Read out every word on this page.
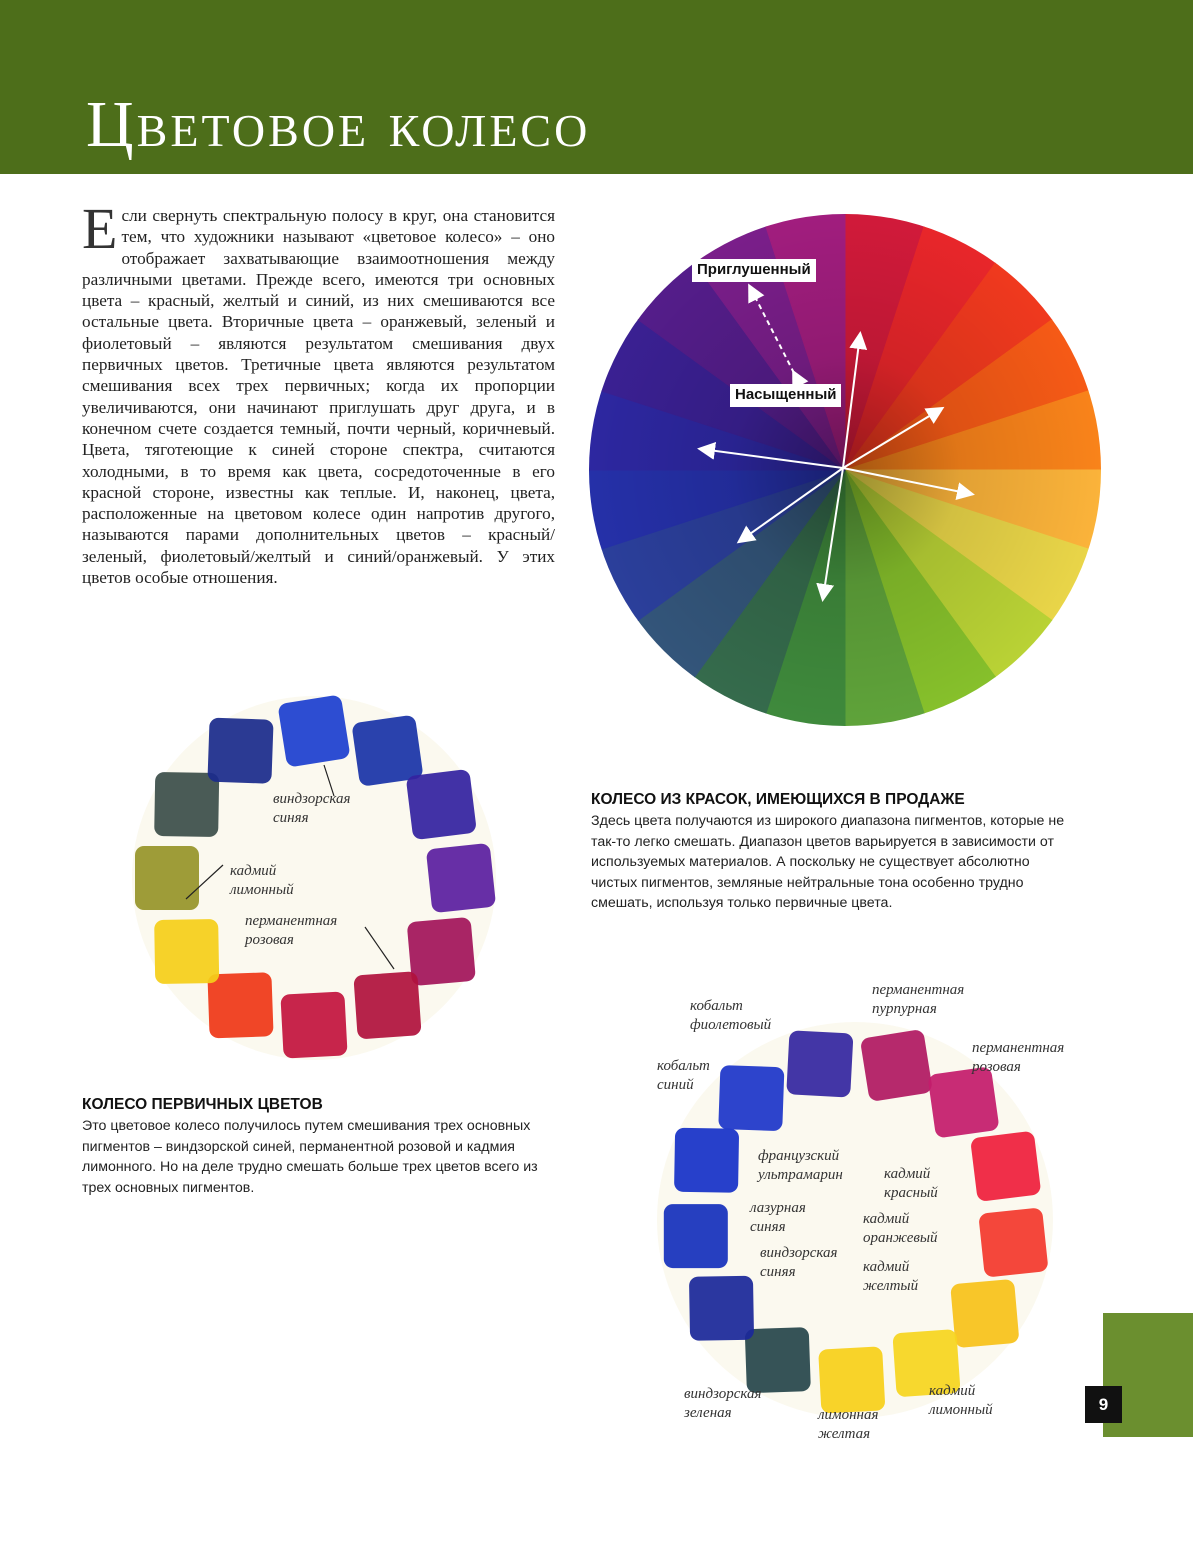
Цветовое колесо

Если свернуть спектральную полосу в круг, она становится тем, что художники называют «цветовое колесо» – оно отображает захватывающие взаимоотношения между различными цветами. Прежде всего, имеются три основных цвета – красный, желтый и синий, из них смешиваются все остальные цвета. Вторичные цвета – оранжевый, зеленый и фиолетовый – являются результатом смешивания двух первичных цветов. Третичные цвета являются результатом смешивания всех трех первичных; когда их пропорции увеличиваются, они начинают приглушать друг друга, и в конечном счете создается темный, почти черный, коричневый. Цвета, тяготеющие к синей стороне спектра, считаются холодными, в то время как цвета, сосредоточенные в его красной стороне, известны как теплые. И, наконец, цвета, расположенные на цветовом колесе один напротив другого, называются парами дополнительных цветов – красный/зеленый, фиолетовый/желтый и синий/оранжевый. У этих цветов особые отношения.

Приглушенный
Насыщенный
виндзорская
синяя
кадмий
лимонный
перманентная
розовая
КОЛЕСО ПЕРВИЧНЫХ ЦВЕТОВ

Это цветовое колесо получилось путем смешивания трех основных пигментов – виндзорской синей, перманентной розовой и кадмия лимонного. Но на деле трудно смешать больше трех цветов всего из трех основных пигментов.

КОЛЕСО ИЗ КРАСОК, ИМЕЮЩИХСЯ В ПРОДАЖЕ

Здесь цвета получаются из широкого диапазона пигментов, которые не так-то легко смешать. Диапазон цветов варьируется в зависимости от используемых материалов. А поскольку не существует абсолютно чистых пигментов, земляные нейтральные тона особенно трудно смешать, используя только первичные цвета.

кобальт
фиолетовый
перманентная
пурпурная
перманентная
розовая
кобальт
синий
французский
ультрамарин	кадмий
красный
лазурная
синяя	кадмий
оранжевый
виндзорская
синяя	кадмий
желтый
виндзорская
зеленая	лимонная
желтая
кадмий
лимонный	9
